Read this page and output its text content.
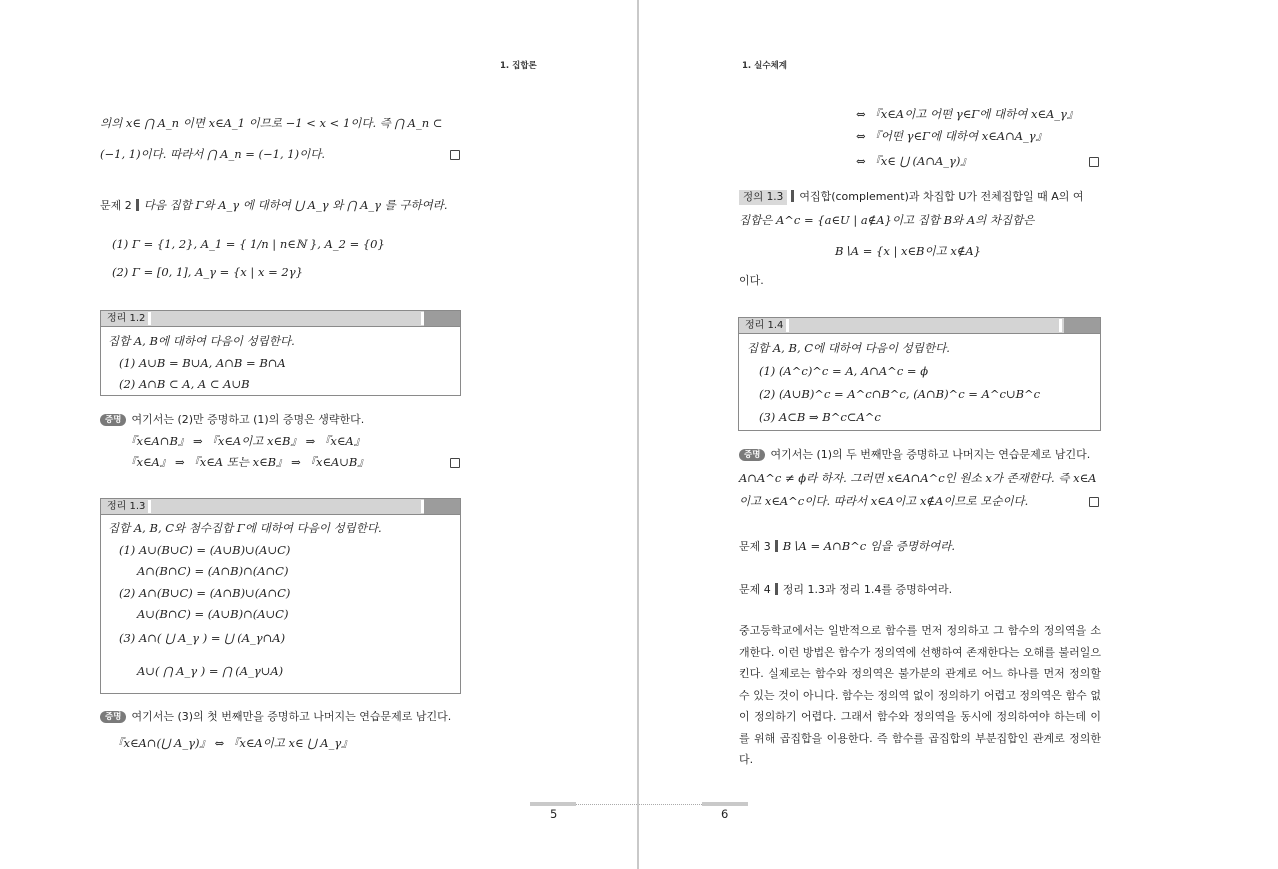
1. 집합론
의의 x∈ ⋂ A_n 이면 x∈A_1 이므로 −1 < x < 1이다. 즉 ⋂ A_n ⊂
(−1, 1)이다. 따라서 ⋂ A_n = (−1, 1)이다.
문제 2 다음 집합 Γ와 A_γ 에 대하여 ⋃ A_γ 와 ⋂ A_γ 를 구하여라.
(1) Γ = {1, 2}, A_1 = { 1/n | n∈ℕ }, A_2 = {0}
(2) Γ = [0, 1], A_γ = {x | x = 2γ}
정리 1.2
집합 A, B에 대하여 다음이 성립한다.
(1) A∪B = B∪A, A∩B = B∩A
(2) A∩B ⊂ A, A ⊂ A∪B
증명 여기서는 (2)만 증명하고 (1)의 증명은 생략한다.
『x∈A∩B』 ⇒ 『x∈A이고 x∈B』 ⇒ 『x∈A』
『x∈A』 ⇒ 『x∈A 또는 x∈B』 ⇒ 『x∈A∪B』
정리 1.3
집합 A, B, C와 첨수집합 Γ에 대하여 다음이 성립한다.
(1) A∪(B∪C) = (A∪B)∪(A∪C)
A∩(B∩C) = (A∩B)∩(A∩C)
(2) A∩(B∪C) = (A∩B)∪(A∩C)
A∪(B∩C) = (A∪B)∩(A∪C)
(3) A∩( ⋃ A_γ ) = ⋃ (A_γ∩A)
A∪( ⋂ A_γ ) = ⋂ (A_γ∪A)
증명 여기서는 (3)의 첫 번째만을 증명하고 나머지는 연습문제로 남긴다.
『x∈A∩(⋃ A_γ)』 ⇔ 『x∈A이고 x∈ ⋃ A_γ』
5
1. 실수체계
⇔ 『x∈A이고 어떤 γ∈Γ에 대하여 x∈A_γ』
⇔ 『어떤 γ∈Γ에 대하여 x∈A∩A_γ』
⇔ 『x∈ ⋃ (A∩A_γ)』
정의 1.3 여집합(complement)과 차집합 U가 전체집합일 때 A의 여
집합은 A^c = {a∈U | a∉A}이고 집합 B와 A의 차집합은
B∖A = {x | x∈B이고 x∉A}
이다.
정리 1.4
집합 A, B, C에 대하여 다음이 성립한다.
(1) (A^c)^c = A, A∩A^c = ϕ
(2) (A∪B)^c = A^c∩B^c, (A∩B)^c = A^c∪B^c
(3) A⊂B ⇒ B^c⊂A^c
증명 여기서는 (1)의 두 번째만을 증명하고 나머지는 연습문제로 남긴다.
A∩A^c ≠ ϕ라 하자. 그러면 x∈A∩A^c인 원소 x가 존재한다. 즉 x∈A
이고 x∈A^c이다. 따라서 x∈A이고 x∉A이므로 모순이다.
문제 3 B∖A = A∩B^c 임을 증명하여라.
문제 4 정리 1.3과 정리 1.4를 증명하여라.
중고등학교에서는 일반적으로 함수를 먼저 정의하고 그 함수의 정의역을 소개한다. 이런 방법은 함수가 정의역에 선행하여 존재한다는 오해를 불러일으킨다. 실제로는 함수와 정의역은 불가분의 관계로 어느 하나를 먼저 정의할 수 있는 것이 아니다. 함수는 정의역 없이 정의하기 어렵고 정의역은 함수 없이 정의하기 어렵다. 그래서 함수와 정의역을 동시에 정의하여야 하는데 이를 위해 곱집합을 이용한다. 즉 함수를 곱집합의 부분집합인 관계로 정의한다.
6
